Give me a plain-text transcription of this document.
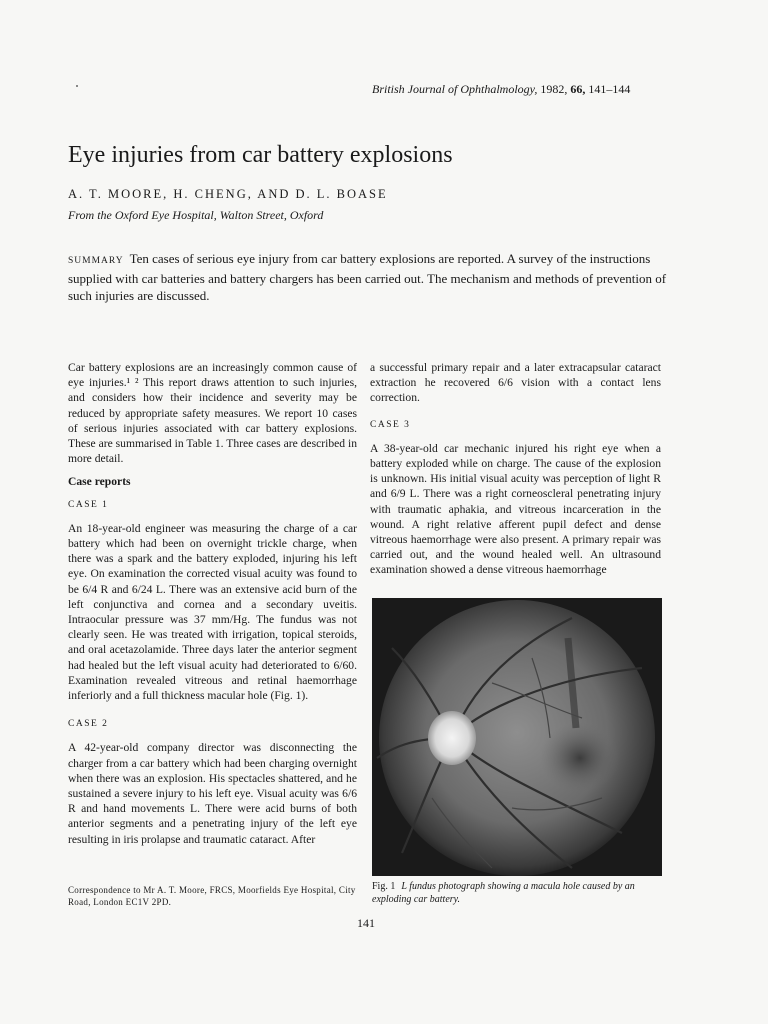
British Journal of Ophthalmology, 1982, 66, 141–144
Eye injuries from car battery explosions
A. T. MOORE, H. CHENG, AND D. L. BOASE
From the Oxford Eye Hospital, Walton Street, Oxford
SUMMARY Ten cases of serious eye injury from car battery explosions are reported. A survey of the instructions supplied with car batteries and battery chargers has been carried out. The mechanism and methods of prevention of such injuries are discussed.

Car battery explosions are an increasingly common cause of eye injuries.¹ ² This report draws attention to such injuries, and considers how their incidence and severity may be reduced by appropriate safety measures. We report 10 cases of serious injuries associated with car battery explosions. These are summarised in Table 1. Three cases are described in more detail.

Case reports

CASE 1

An 18-year-old engineer was measuring the charge of a car battery which had been on overnight trickle charge, when there was a spark and the battery exploded, injuring his left eye. On examination the corrected visual acuity was found to be 6/4 R and 6/24 L. There was an extensive acid burn of the left conjunctiva and cornea and a secondary uveitis. Intraocular pressure was 37 mm/Hg. The fundus was not clearly seen. He was treated with irrigation, topical steroids, and oral acetazolamide. Three days later the anterior segment had healed but the left visual acuity had deteriorated to 6/60. Examination revealed vitreous and retinal haemorrhage inferiorly and a full thickness macular hole (Fig. 1).

CASE 2

A 42-year-old company director was disconnecting the charger from a car battery which had been charging overnight when there was an explosion. His spectacles shattered, and he sustained a severe injury to his left eye. Visual acuity was 6/6 R and hand movements L. There were acid burns of both anterior segments and a penetrating injury of the left eye resulting in iris prolapse and traumatic cataract. After

a successful primary repair and a later extracapsular cataract extraction he recovered 6/6 vision with a contact lens correction.

CASE 3

A 38-year-old car mechanic injured his right eye when a battery exploded while on charge. The cause of the explosion is unknown. His initial visual acuity was perception of light R and 6/9 L. There was a right corneoscleral penetrating injury with traumatic aphakia, and vitreous incarceration in the wound. A right relative afferent pupil defect and dense vitreous haemorrhage were also present. A primary repair was carried out, and the wound healed well. An ultrasound examination showed a dense vitreous haemorrhage

Fig. 1 L fundus photograph showing a macula hole caused by an exploding car battery.
Correspondence to Mr A. T. Moore, FRCS, Moorfields Eye Hospital, City Road, London EC1V 2PD.
141
